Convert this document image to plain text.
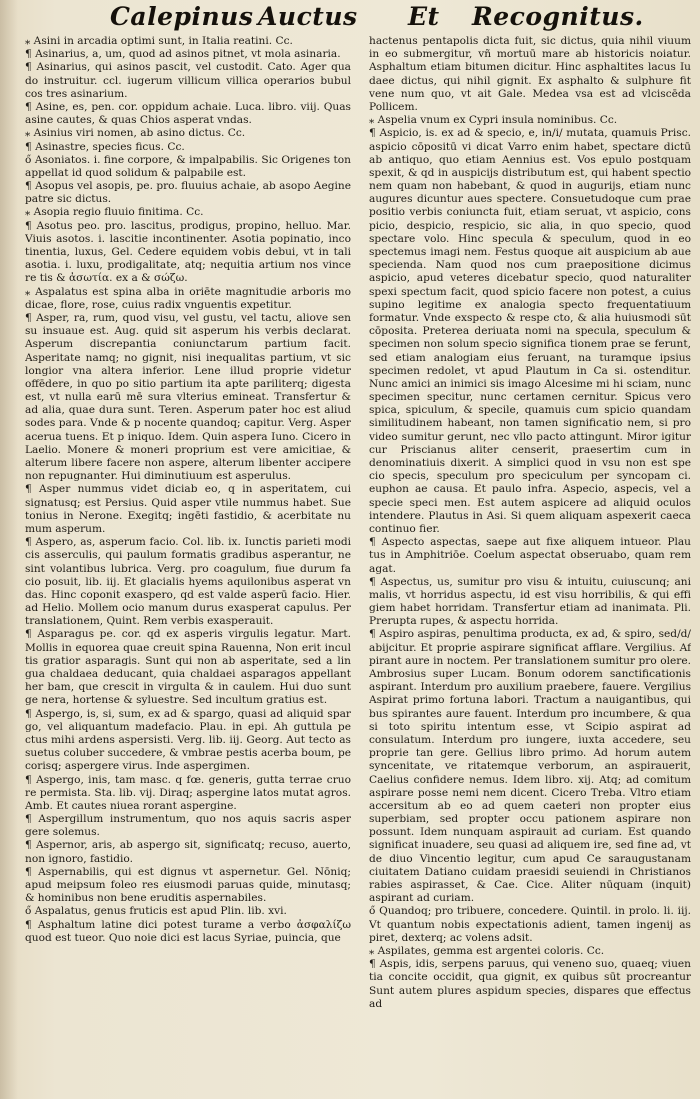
Calepinus Auctus Et Recognitus.

⁎ Asini in arcadia optimi sunt, in Italia reatini. Cc.

¶ Asinarius, a, um, quod ad asinos pitnet, vt mola asinaria.

¶ Asinarius, qui asinos pascit, vel custodit. Cato. Ager qua do instruitur. ccl. iugerum villicum villica operarios bubul cos tres asinarium.

¶ Asine, es, pen. cor. oppidum achaie. Luca. libro. viij. Quas asine cautes, & quas Chios asperat vndas.

⁎ Asinius viri nomen, ab asino dictus. Cc.

¶ Asinastre, species ficus. Cc.

ő Asoniatos. i. fine corpore, & impalpabilis. Sic Origenes ton appellat id quod solidum & palpabile est.

¶ Asopus vel asopis, pe. pro. fluuius achaie, ab asopo Aegine patre sic dictus.

⁎ Asopia regio fluuio finitima. Cc.

¶ Asotus peo. pro. lascitus, prodigus, propino, helluo. Mar. Viuis asotos. i. lascitie incontinenter. Asotia popinatio, inco tinentia, luxus, Gel. Cedere equidem vobis debui, vt in tali asotia. i. luxu, prodigalitate, atq; nequitia artium nos vince re tis & ἀσωτία. ex a & σώζω.

⁎ Aspalatus est spina alba in oriēte magnitudie arboris mo dicae, flore, rose, cuius radix vnguentis expetitur.

¶ Asper, ra, rum, quod visu, vel gustu, vel tactu, aliove sen su insuaue est. Aug. quid sit asperum his verbis declarat. Asperum discrepantia coniunctarum partium facit. Asperitate namq; no gignit, nisi inequalitas partium, vt sic longior vna altera inferior. Lene illud proprie videtur offēdere, in quo po sitio partium ita apte pariliterq; digesta est, vt nulla earū mē sura vlterius emineat. Transfertur & ad alia, quae dura sunt. Teren. Asperum pater hoc est aliud sodes para. Vnde & p nocente quandoq; capitur. Verg. Asper acerua tuens. Et p iniquo. Idem. Quin aspera Iuno. Cicero in Laelio. Monere & moneri proprium est vere amicitiae, & alterum libere facere non aspere, alterum libenter accipere non repugnanter. Hui diminutiuum est asperulus.

¶ Asper nummus videt diciab eo, q in asperitatem, cui signatusq; est Persius. Quid asper vtile nummus habet. Sue tonius in Nerone. Exegitq; ingēti fastidio, & acerbitate nu mum asperum.

¶ Aspero, as, asperum facio. Col. lib. ix. Iunctis parieti modi cis asserculis, qui paulum formatis gradibus asperantur, ne sint volantibus lubrica. Verg. pro coagulum, fiue durum fa cio posuit, lib. iij. Et glacialis hyems aquilonibus asperat vn das. Hinc coponit exaspero, qd est valde asperū facio. Hier. ad Helio. Mollem ocio manum durus exasperat capulus. Per translationem, Quint. Rem verbis exasperauit.

¶ Asparagus pe. cor. qd ex asperis virgulis legatur. Mart. Mollis in equorea quae creuit spina Rauenna, Non erit incul tis gratior asparagis. Sunt qui non ab asperitate, sed a lin gua chaldaea deducant, quia chaldaei asparagos appellant her bam, que crescit in virgulta & in caulem. Hui duo sunt ge nera, hortense & syluestre. Sed incultum gratius est.

¶ Aspergo, is, si, sum, ex ad & spargo, quasi ad aliquid spar go, vel aliquantum madefacio. Plau. in epi. Ah guttula pe ctus mihi ardens aspersisti. Verg. lib. iij. Georg. Aut tecto as suetus coluber succedere, & vmbrae pestis acerba boum, pe corisq; aspergere virus. Inde aspergimen.

¶ Aspergo, inis, tam masc. q fœ. generis, gutta terrae cruo re permista. Sta. lib. vij. Diraq; aspergine latos mutat agros. Amb. Et cautes niuea rorant aspergine.

¶ Aspergillum instrumentum, quo nos aquis sacris asper gere solemus.

¶ Aspernor, aris, ab aspergo sit, significatq; recuso, auerto, non ignoro, fastidio.

¶ Aspernabilis, qui est dignus vt aspernetur. Gel. Nōniq; apud meipsum foleo res eiusmodi paruas quide, minutasq; & hominibus non bene eruditis aspernabiles.

ő Aspalatus, genus fruticis est apud Plin. lib. xvi.

¶ Asphaltum latine dici potest turame a verbo ἀσφαλίζω quod est tueor. Quo noie dici est lacus Syriae, puincia, que

hactenus pentapolis dicta fuit, sic dictus, quia nihil viuum in eo submergitur, vñ mortuū mare ab historicis noiatur. Asphaltum etiam bitumen dicitur. Hinc asphaltites lacus Iu daee dictus, qui nihil gignit. Ex asphalto & sulphure fit vene num quo, vt ait Gale. Medea vsa est ad vlciscēda Pollicem.

⁎ Aspelia vnum ex Cypri insula nominibus. Cc.

¶ Aspicio, is. ex ad & specio, e, in/i/ mutata, quamuis Prisc. aspicio cōpositū vi dicat Varro enim habet, spectare dictū ab antiquo, quo etiam Aennius est. Vos epulo postquam spexit, & qd in auspicijs distributum est, qui habent spectio nem quam non habebant, & quod in augurijs, etiam nunc augures dicuntur aues spectere. Consuetudoque cum prae positio verbis coniuncta fuit, etiam seruat, vt aspicio, cons picio, despicio, respicio, sic alia, in quo specio, quod spectare volo. Hinc specula & speculum, quod in eo spectemus imagi nem. Festus quoque ait auspicium ab aue specienda. Nam quod nos cum praepositione dicimus aspicio, apud veteres dicebatur specio, quod naturaliter spexi spectum facit, quod spicio facere non potest, a cuius supino legitime ex analogia specto frequentatiuum formatur. Vnde exspecto & respe cto, & alia huiusmodi sūt cōposita. Preterea deriuata nomi na specula, speculum & specimen non solum specio significa tionem prae se ferunt, sed etiam analogiam eius feruant, na turamque ipsius specimen redolet, vt apud Plautum in Ca si. ostenditur. Nunc amici an inimici sis imago Alcesime mi hi sciam, nunc specimen specitur, nunc certamen cernitur. Spicus vero spica, spiculum, & specile, quamuis cum spicio quandam similitudinem habeant, non tamen significatio nem, si pro video sumitur gerunt, nec vllo pacto attingunt. Miror igitur cur Priscianus aliter censerit, praesertim cum in denominatiuis dixerit. A simplici quod in vsu non est spe cio specis, speculum pro speciculum per syncopam ci. euphon ae causa. Et paulo infra. Aspecio, aspecis, vel a specie speci men. Est autem aspicere ad aliquid oculos intendere. Plautus in Asi. Si quem aliquam aspexerit caeca continuo fier.

¶ Aspecto aspectas, saepe aut fixe aliquem intueor. Plau tus in Amphitriōe. Coelum aspectat obseruabo, quam rem agat.

¶ Aspectus, us, sumitur pro visu & intuitu, cuiuscunq; ani malis, vt horridus aspectu, id est visu horribilis, & qui effi giem habet horridam. Transfertur etiam ad inanimata. Pli. Prerupta rupes, & aspectu horrida.

¶ Aspiro aspiras, penultima producta, ex ad, & spiro, sed/d/ abijcitur. Et proprie aspirare significat afflare. Vergilius. Af pirant aure in noctem. Per translationem sumitur pro olere. Ambrosius super Lucam. Bonum odorem sanctificationis aspirant. Interdum pro auxilium praebere, fauere. Vergilius Aspirat primo fortuna labori. Tractum a nauigantibus, qui bus spirantes aure fauent. Interdum pro incumbere, & qua si toto spiritu intentum esse, vt Scipio aspirat ad consulatum. Interdum pro iungere, iuxta accedere, seu proprie tan gere. Gellius libro primo. Ad horum autem syncenitate, ve ritatemque verborum, an aspirauerit, Caelius confidere nemus. Idem libro. xij. Atq; ad comitum aspirare posse nemi nem dicent. Cicero Treba. Vltro etiam accersitum ab eo ad quem caeteri non propter eius superbiam, sed propter occu pationem aspirare non possunt. Idem nunquam aspirauit ad curiam. Est quando significat inuadere, seu quasi ad aliquem ire, sed fine ad, vt de diuo Vincentio legitur, cum apud Ce saraugustanam ciuitatem Datiano cuidam praesidi seuiendi in Christianos rabies aspirasset, & Cae. Cice. Aliter nūquam (inquit) aspirant ad curiam.

ő Quandoq; pro tribuere, concedere. Quintil. in prolo. li. iij. Vt quantum nobis expectationis adient, tamen ingenij as piret, dexterq; ac volens adsit.

⁎ Aspilates, gemma est argentei coloris. Cc.

¶ Aspis, idis, serpens paruus, qui veneno suo, quaeq; viuen tia concite occidit, qua gignit, ex quibus sūt procreantur Sunt autem plures aspidum species, dispares que effectus ad
